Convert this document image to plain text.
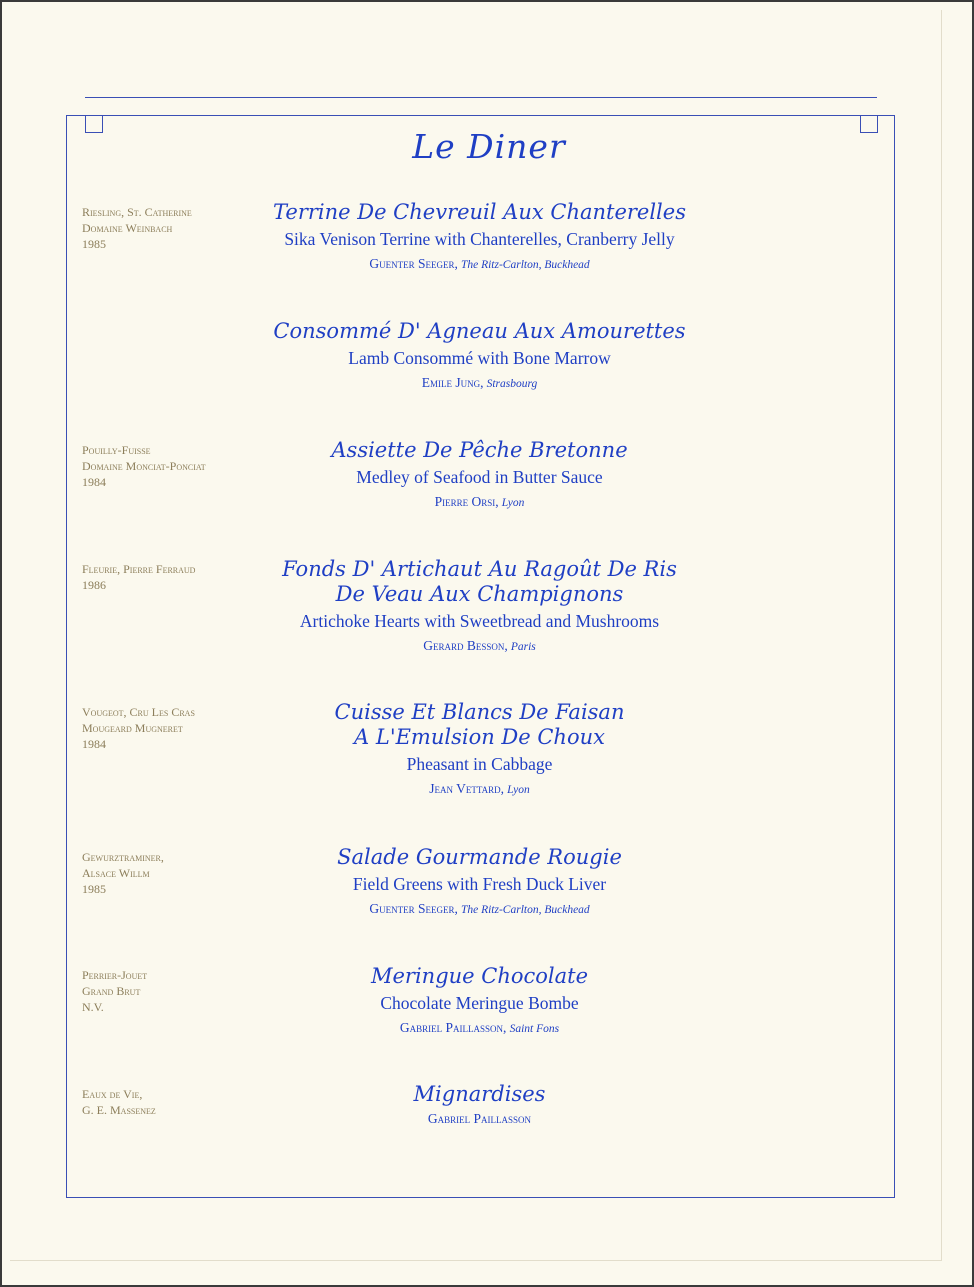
Le Diner
Riesling, St. Catherine
Domaine Weinbach
1985
Pouilly-Fuisse
Domaine Monciat-Ponciat
1984
Fleurie, Pierre Ferraud
1986
Vougeot, Cru Les Cras
Mougeard Mugneret
1984
Gewurztraminer,
Alsace Willm
1985
Perrier-Jouet
Grand Brut
N.V.
Eaux de Vie,
G. E. Massenez
Terrine De Chevreuil Aux Chanterelles
Sika Venison Terrine with Chanterelles, Cranberry Jelly
Guenter Seeger, The Ritz-Carlton, Buckhead
Consommé D' Agneau Aux Amourettes
Lamb Consommé with Bone Marrow
Emile Jung, Strasbourg
Assiette De Pêche Bretonne
Medley of Seafood in Butter Sauce
Pierre Orsi, Lyon
Fonds D' Artichaut Au Ragoût De Ris
De Veau Aux Champignons
Artichoke Hearts with Sweetbread and Mushrooms
Gerard Besson, Paris
Cuisse Et Blancs De Faisan
A L'Emulsion De Choux
Pheasant in Cabbage
Jean Vettard, Lyon
Salade Gourmande Rougie
Field Greens with Fresh Duck Liver
Guenter Seeger, The Ritz-Carlton, Buckhead
Meringue Chocolate
Chocolate Meringue Bombe
Gabriel Paillasson, Saint Fons
Mignardises
Gabriel Paillasson
